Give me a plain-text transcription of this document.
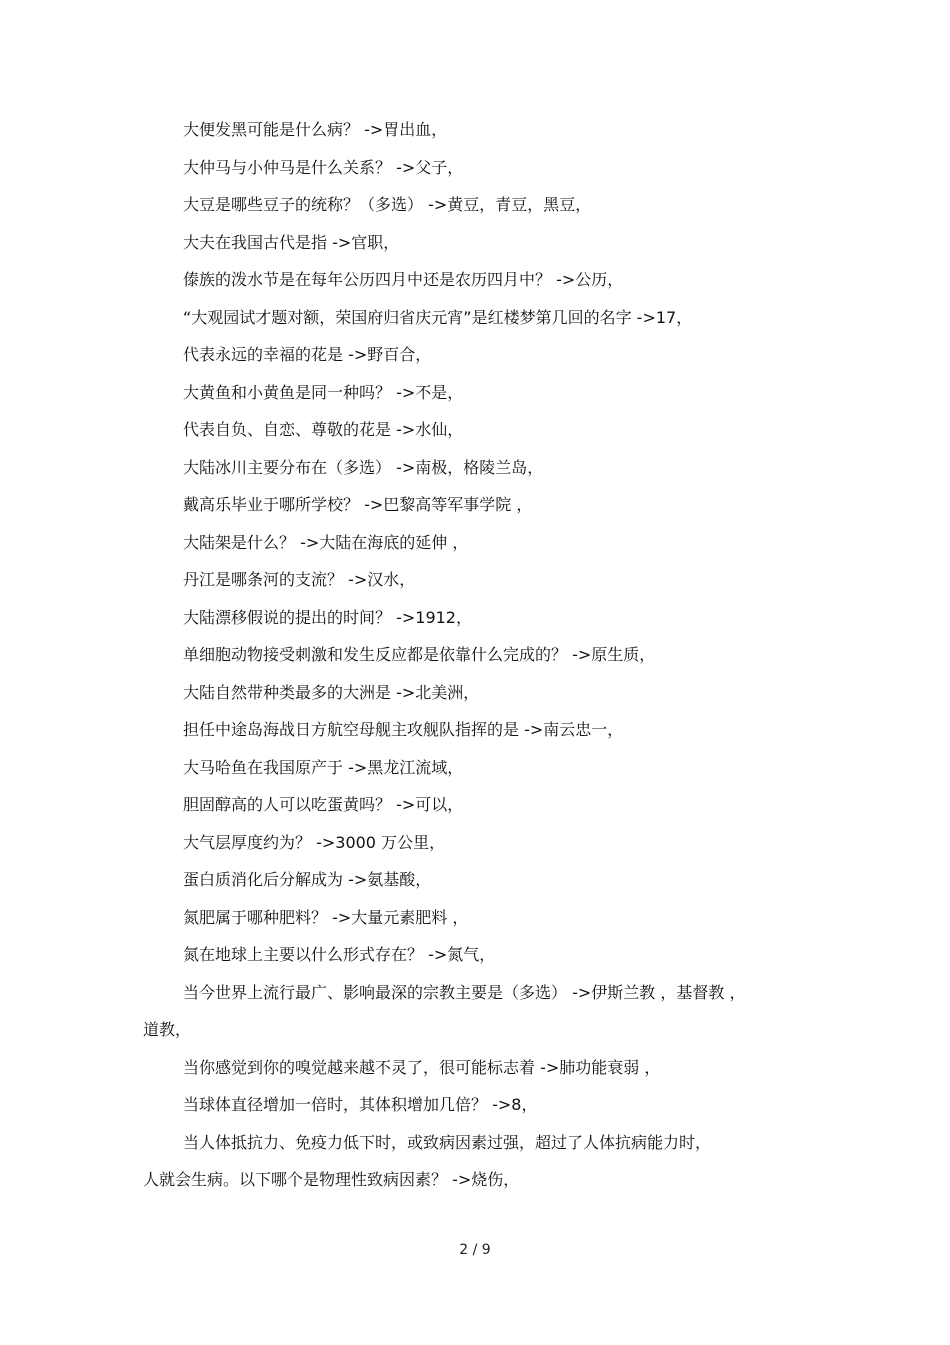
大便发黑可能是什么病？ ->胃出血，
大仲马与小仲马是什么关系？ ->父子，
大豆是哪些豆子的统称？（多选） ->黄豆，青豆，黑豆，
大夫在我国古代是指 ->官职，
傣族的泼水节是在每年公历四月中还是农历四月中？ ->公历，
“大观园试才题对额，荣国府归省庆元宵”是红楼梦第几回的名字 ->17，
代表永远的幸福的花是 ->野百合，
大黄鱼和小黄鱼是同一种吗？ ->不是，
代表自负、自恋、尊敬的花是 ->水仙，
大陆冰川主要分布在（多选） ->南极，格陵兰岛，
戴高乐毕业于哪所学校？ ->巴黎高等军事学院 ，
大陆架是什么？ ->大陆在海底的延伸 ，
丹江是哪条河的支流？ ->汉水，
大陆漂移假说的提出的时间？ ->1912，
单细胞动物接受刺激和发生反应都是依靠什么完成的？ ->原生质，
大陆自然带种类最多的大洲是 ->北美洲，
担任中途岛海战日方航空母舰主攻舰队指挥的是 ->南云忠一，
大马哈鱼在我国原产于 ->黑龙江流域，
胆固醇高的人可以吃蛋黄吗？ ->可以，
大气层厚度约为？ ->3000 万公里，
蛋白质消化后分解成为 ->氨基酸，
氮肥属于哪种肥料？ ->大量元素肥料 ，
氮在地球上主要以什么形式存在？ ->氮气，
当今世界上流行最广、影响最深的宗教主要是（多选） ->伊斯兰教 ，基督教 ，
道教，
当你感觉到你的嗅觉越来越不灵了，很可能标志着 ->肺功能衰弱 ，
当球体直径增加一倍时，其体积增加几倍？ ->8，
当人体抵抗力、免疫力低下时，或致病因素过强，超过了人体抗病能力时，
人就会生病。以下哪个是物理性致病因素？ ->烧伤，
2 / 9
